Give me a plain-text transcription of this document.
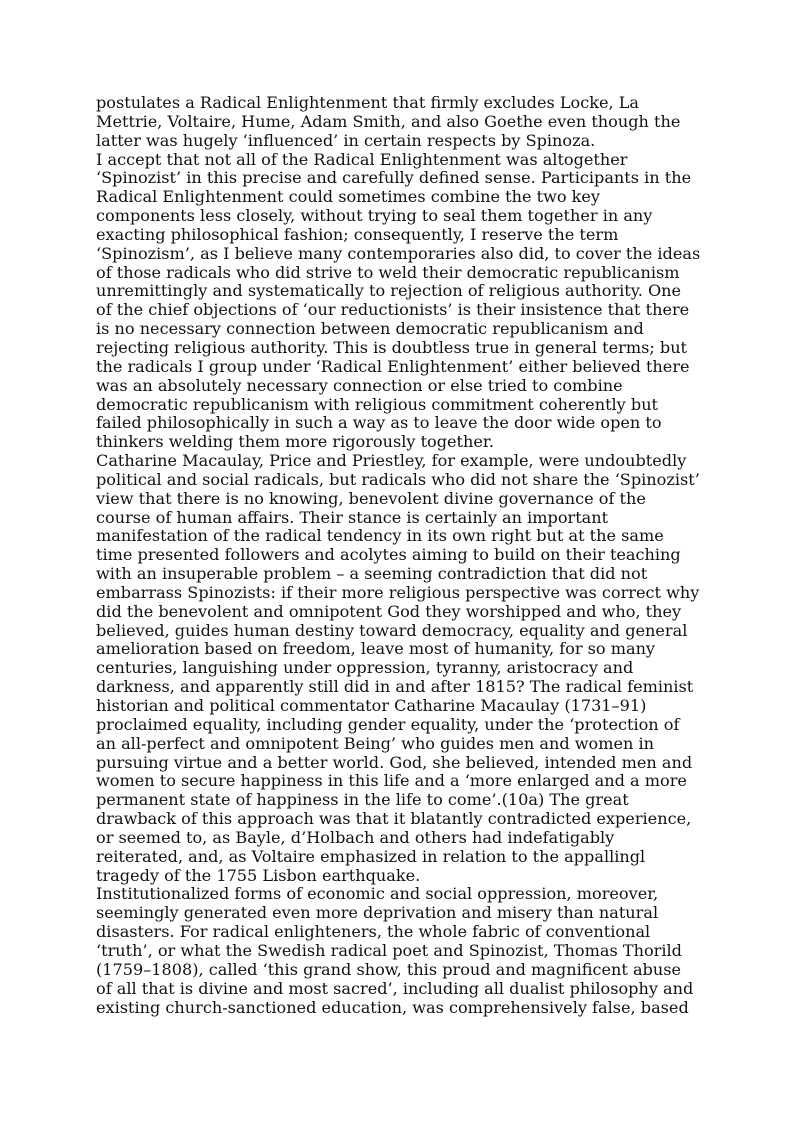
postulates a Radical Enlightenment that firmly excludes Locke, La
Mettrie, Voltaire, Hume, Adam Smith, and also Goethe even though the
latter was hugely ‘influenced’ in certain respects by Spinoza.

I accept that not all of the Radical Enlightenment was altogether
‘Spinozist’ in this precise and carefully defined sense. Participants in the
Radical Enlightenment could sometimes combine the two key
components less closely, without trying to seal them together in any
exacting philosophical fashion; consequently, I reserve the term
‘Spinozism’, as I believe many contemporaries also did, to cover the ideas
of those radicals who did strive to weld their democratic republicanism
unremittingly and systematically to rejection of religious authority. One
of the chief objections of ‘our reductionists’ is their insistence that there
is no necessary connection between democratic republicanism and
rejecting religious authority. This is doubtless true in general terms; but
the radicals I group under ‘Radical Enlightenment’ either believed there
was an absolutely necessary connection or else tried to combine
democratic republicanism with religious commitment coherently but
failed philosophically in such a way as to leave the door wide open to
thinkers welding them more rigorously together.

Catharine Macaulay, Price and Priestley, for example, were undoubtedly
political and social radicals, but radicals who did not share the ‘Spinozist’
view that there is no knowing, benevolent divine governance of the
course of human affairs. Their stance is certainly an important
manifestation of the radical tendency in its own right but at the same
time presented followers and acolytes aiming to build on their teaching
with an insuperable problem – a seeming contradiction that did not
embarrass Spinozists: if their more religious perspective was correct why
did the benevolent and omnipotent God they worshipped and who, they
believed, guides human destiny toward democracy, equality and general
amelioration based on freedom, leave most of humanity, for so many
centuries, languishing under oppression, tyranny, aristocracy and
darkness, and apparently still did in and after 1815? The radical feminist
historian and political commentator Catharine Macaulay (1731–91)
proclaimed equality, including gender equality, under the ‘protection of
an all-perfect and omnipotent Being’ who guides men and women in
pursuing virtue and a better world. God, she believed, intended men and
women to secure happiness in this life and a ‘more enlarged and a more
permanent state of happiness in the life to come’.(10a) The great
drawback of this approach was that it blatantly contradicted experience,
or seemed to, as Bayle, d’Holbach and others had indefatigably
reiterated, and, as Voltaire emphasized in relation to the appallingl
tragedy of the 1755 Lisbon earthquake.

Institutionalized forms of economic and social oppression, moreover,
seemingly generated even more deprivation and misery than natural
disasters. For radical enlighteners, the whole fabric of conventional
‘truth’, or what the Swedish radical poet and Spinozist, Thomas Thorild
(1759–1808), called ‘this grand show, this proud and magnificent abuse
of all that is divine and most sacred’, including all dualist philosophy and
existing church-sanctioned education, was comprehensively false, based
